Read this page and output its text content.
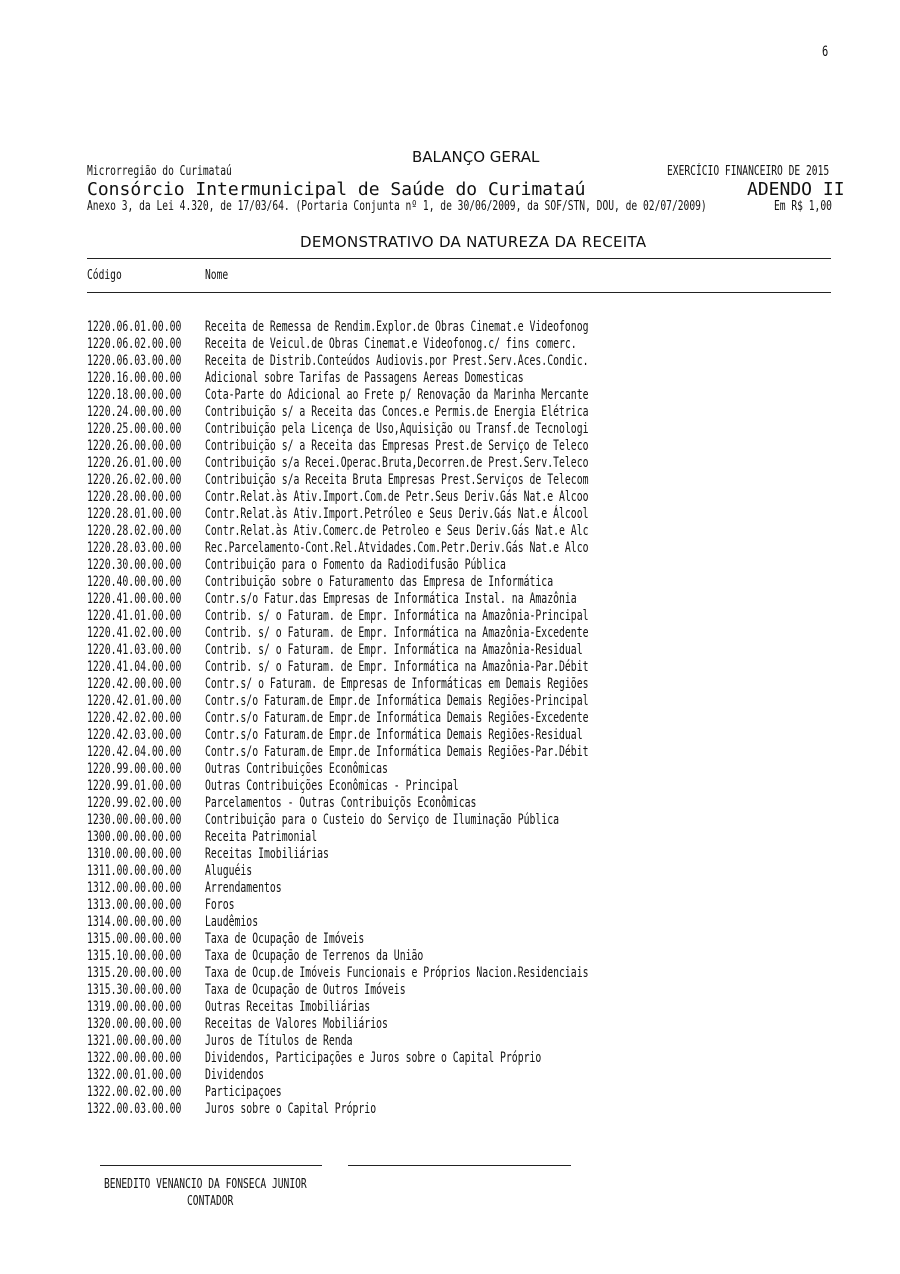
6
BALANÇO GERAL
Microrregião do Curimataú	EXERCÍCIO FINANCEIRO DE 2015
Consórcio Intermunicipal de Saúde do Curimataú	ADENDO II
Anexo 3, da Lei 4.320, de 17/03/64. (Portaria Conjunta nº 1, de 30/06/2009, da SOF/STN, DOU, de 02/07/2009)	Em R$ 1,00
DEMONSTRATIVO DA NATUREZA DA RECEITA
Código	Nome
1220.06.01.00.00 Receita de Remessa de Rendim.Explor.de Obras Cinemat.e Videofonog
1220.06.02.00.00 Receita de Veicul.de Obras Cinemat.e Videofonog.c/ fins comerc.
1220.06.03.00.00 Receita de Distrib.Conteúdos Audiovis.por Prest.Serv.Aces.Condic.
1220.16.00.00.00 Adicional sobre Tarifas de Passagens Aereas Domesticas
1220.18.00.00.00 Cota-Parte do Adicional ao Frete p/ Renovação da Marinha Mercante
1220.24.00.00.00 Contribuição s/ a Receita das Conces.e Permis.de Energia Elétrica
1220.25.00.00.00 Contribuição pela Licença de Uso,Aquisição ou Transf.de Tecnologi
1220.26.00.00.00 Contribuição s/ a Receita das Empresas Prest.de Serviço de Teleco
1220.26.01.00.00 Contribuição s/a Recei.Operac.Bruta,Decorren.de Prest.Serv.Teleco
1220.26.02.00.00 Contribuição s/a Receita Bruta Empresas Prest.Serviços de Telecom
1220.28.00.00.00 Contr.Relat.às Ativ.Import.Com.de Petr.Seus Deriv.Gás Nat.e Alcoo
1220.28.01.00.00 Contr.Relat.às Ativ.Import.Petróleo e Seus Deriv.Gás Nat.e Álcool
1220.28.02.00.00 Contr.Relat.às Ativ.Comerc.de Petroleo e Seus Deriv.Gás Nat.e Alc
1220.28.03.00.00 Rec.Parcelamento-Cont.Rel.Atvidades.Com.Petr.Deriv.Gás Nat.e Alco
1220.30.00.00.00 Contribuição para o Fomento da Radiodifusão Pública
1220.40.00.00.00 Contribuição sobre o Faturamento das Empresa de Informática
1220.41.00.00.00 Contr.s/o Fatur.das Empresas de Informática Instal. na Amazônia
1220.41.01.00.00 Contrib. s/ o Faturam. de Empr. Informática na Amazônia-Principal
1220.41.02.00.00 Contrib. s/ o Faturam. de Empr. Informática na Amazônia-Excedente
1220.41.03.00.00 Contrib. s/ o Faturam. de Empr. Informática na Amazônia-Residual
1220.41.04.00.00 Contrib. s/ o Faturam. de Empr. Informática na Amazônia-Par.Débit
1220.42.00.00.00 Contr.s/ o Faturam. de Empresas de Informáticas em Demais Regiões
1220.42.01.00.00 Contr.s/o Faturam.de Empr.de Informática Demais Regiões-Principal
1220.42.02.00.00 Contr.s/o Faturam.de Empr.de Informática Demais Regiões-Excedente
1220.42.03.00.00 Contr.s/o Faturam.de Empr.de Informática Demais Regiões-Residual
1220.42.04.00.00 Contr.s/o Faturam.de Empr.de Informática Demais Regiões-Par.Débit
1220.99.00.00.00 Outras Contribuições Econômicas
1220.99.01.00.00 Outras Contribuições Econômicas - Principal
1220.99.02.00.00 Parcelamentos - Outras Contribuiçõs Econômicas
1230.00.00.00.00 Contribuição para o Custeio do Serviço de Iluminação Pública
1300.00.00.00.00 Receita Patrimonial
1310.00.00.00.00 Receitas Imobiliárias
1311.00.00.00.00 Aluguéis
1312.00.00.00.00 Arrendamentos
1313.00.00.00.00 Foros
1314.00.00.00.00 Laudêmios
1315.00.00.00.00 Taxa de Ocupação de Imóveis
1315.10.00.00.00 Taxa de Ocupação de Terrenos da União
1315.20.00.00.00 Taxa de Ocup.de Imóveis Funcionais e Próprios Nacion.Residenciais
1315.30.00.00.00 Taxa de Ocupação de Outros Imóveis
1319.00.00.00.00 Outras Receitas Imobiliárias
1320.00.00.00.00 Receitas de Valores Mobiliários
1321.00.00.00.00 Juros de Títulos de Renda
1322.00.00.00.00 Dividendos, Participações e Juros sobre o Capital Próprio
1322.00.01.00.00 Dividendos
1322.00.02.00.00 Participaçoes
1322.00.03.00.00 Juros sobre o Capital Próprio
BENEDITO VENANCIO DA FONSECA JUNIOR
CONTADOR
